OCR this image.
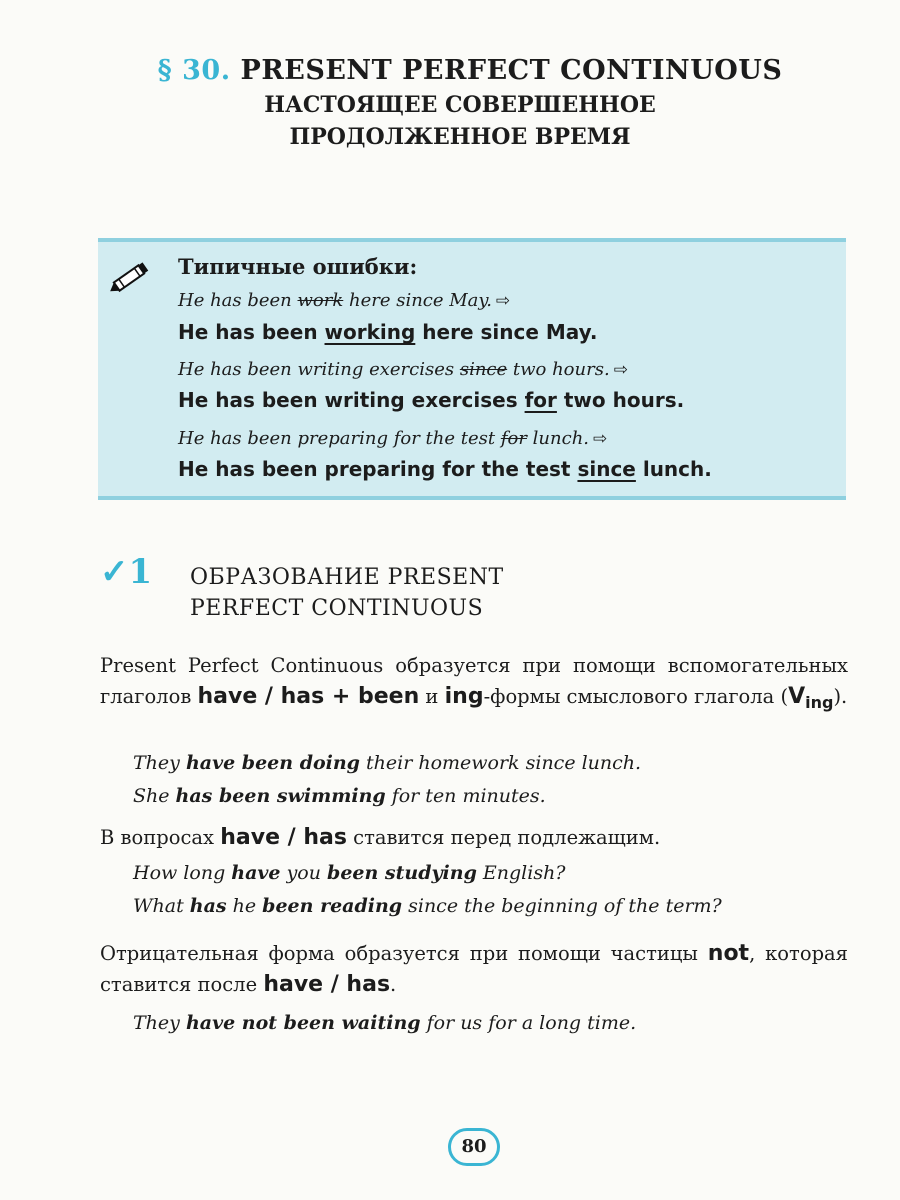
§ 30. PRESENT PERFECT CONTINUOUS
НАСТОЯЩЕЕ СОВЕРШЕННОЕ
ПРОДОЛЖЕННОЕ ВРЕМЯ
Типичные ошибки:
He has been work here since May. ⇨
He has been working here since May.
He has been writing exercises since two hours. ⇨
He has been writing exercises for two hours.
He has been preparing for the test for lunch. ⇨
He has been preparing for the test since lunch.
✓1 ОБРАЗОВАНИЕ PRESENT
PERFECT CONTINUOUS
Present Perfect Continuous образуется при помощи вспомогательных глаголов have / has + been и ing-формы смыслового глагола $(V_{ing})$.
They have been doing their homework since lunch.
She has been swimming for ten minutes.
В вопросах have / has ставится перед подлежащим.
How long have you been studying English?
What has he been reading since the beginning of the term?
Отрицательная форма образуется при помощи частицы not, которая ставится после have / has.
They have not been waiting for us for a long time.
80
